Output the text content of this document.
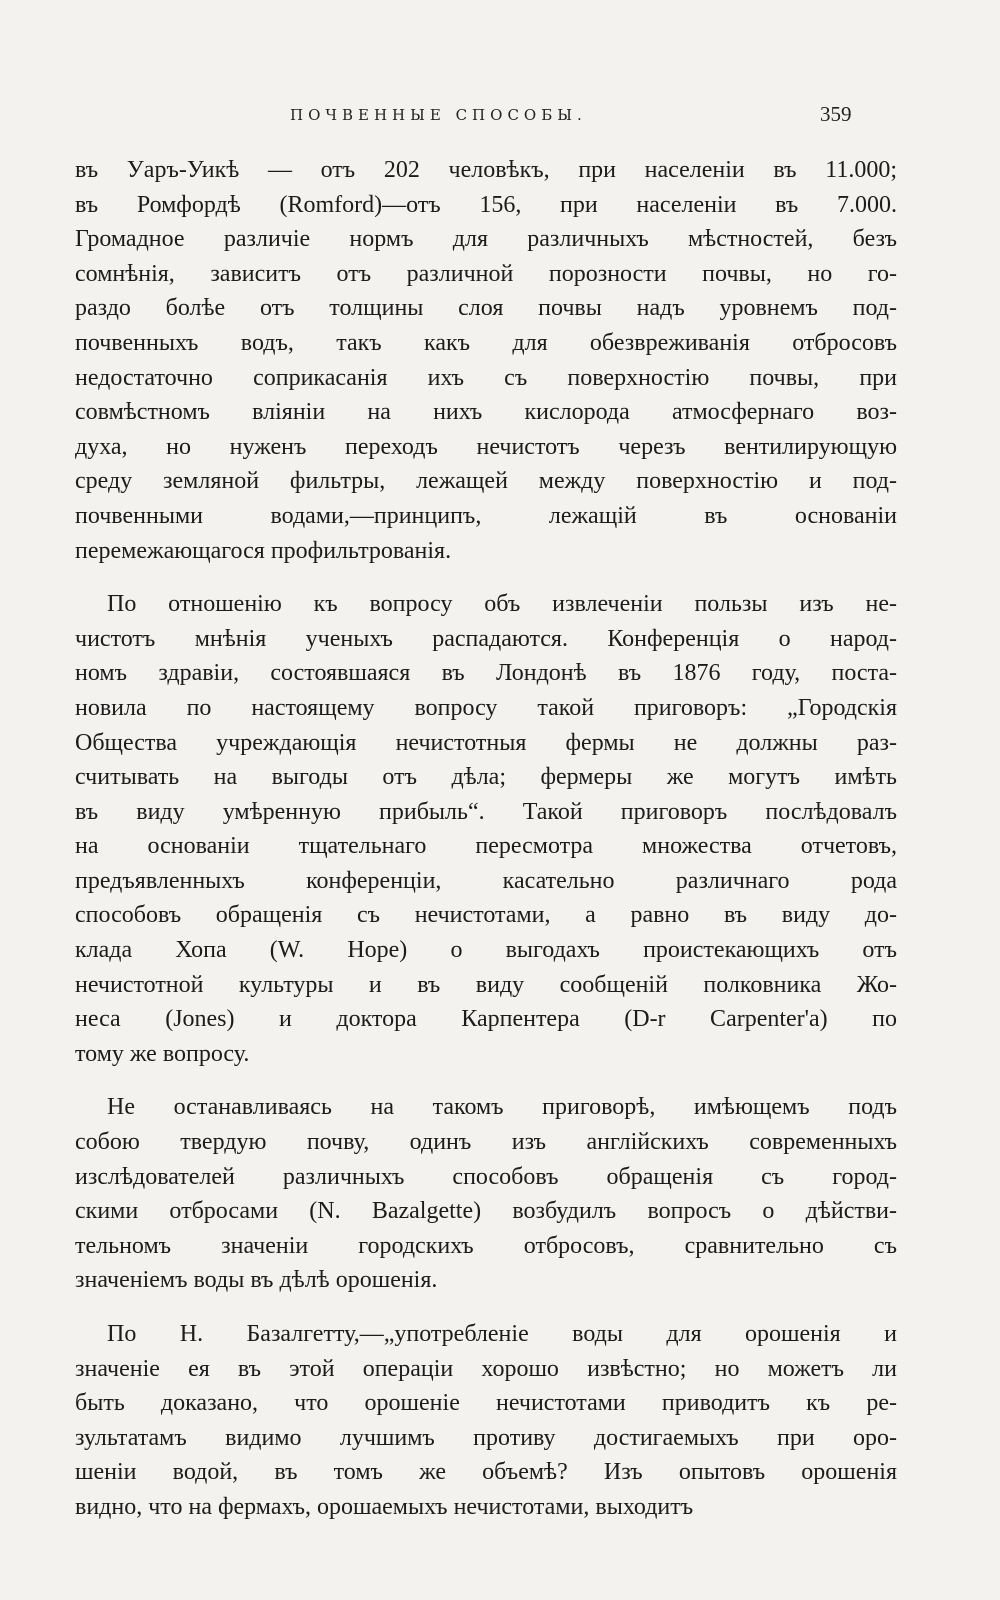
ПОЧВЕННЫЕ СПОСОБЫ.	359
въ Уаръ-Уикѣ — отъ 202 человѣкъ, при населеніи въ 11.000;
въ Ромфордѣ (Romford)—отъ 156, при населеніи въ 7.000.
Громадное различіе нормъ для различныхъ мѣстностей, безъ
сомнѣнія, зависитъ отъ различной порозности почвы, но го-
раздо болѣе отъ толщины слоя почвы надъ уровнемъ под-
почвенныхъ водъ, такъ какъ для обезвреживанія отбросовъ
недостаточно соприкасанія ихъ съ поверхностію почвы, при
совмѣстномъ вліяніи на нихъ кислорода атмосфернаго воз-
духа, но нуженъ переходъ нечистотъ черезъ вентилирующую
среду земляной фильтры, лежащей между поверхностію и под-
почвенными водами,—принципъ, лежащій въ основаніи
перемежающагося профильтрованія.
По отношенію къ вопросу объ извлеченіи пользы изъ не-
чистотъ мнѣнія ученыхъ распадаются. Конференція о народ-
номъ здравіи, состоявшаяся въ Лондонѣ въ 1876 году, поста-
новила по настоящему вопросу такой приговоръ: „Городскія
Общества учреждающія нечистотныя фермы не должны раз-
считывать на выгоды отъ дѣла; фермеры же могутъ имѣть
въ виду умѣренную прибыль“. Такой приговоръ послѣдовалъ
на основаніи тщательнаго пересмотра множества отчетовъ,
предъявленныхъ конференціи, касательно различнаго рода
способовъ обращенія съ нечистотами, а равно въ виду до-
клада Хопа (W. Hope) о выгодахъ проистекающихъ отъ
нечистотной культуры и въ виду сообщеній полковника Жо-
неса (Jones) и доктора Карпентера (D-r Carpenter'a) по
тому же вопросу.
Не останавливаясь на такомъ приговорѣ, имѣющемъ подъ
собою твердую почву, одинъ изъ англійскихъ современныхъ
изслѣдователей различныхъ способовъ обращенія съ город-
скими отбросами (N. Bazalgette) возбудилъ вопросъ о дѣйстви-
тельномъ значеніи городскихъ отбросовъ, сравнительно съ
значеніемъ воды въ дѣлѣ орошенія.
По Н. Базалгетту,—„употребленіе воды для орошенія и
значеніе ея въ этой операціи хорошо извѣстно; но можетъ ли
быть доказано, что орошеніе нечистотами приводитъ къ ре-
зультатамъ видимо лучшимъ противу достигаемыхъ при оро-
шеніи водой, въ томъ же объемѣ? Изъ опытовъ орошенія
видно, что на фермахъ, орошаемыхъ нечистотами, выходитъ
